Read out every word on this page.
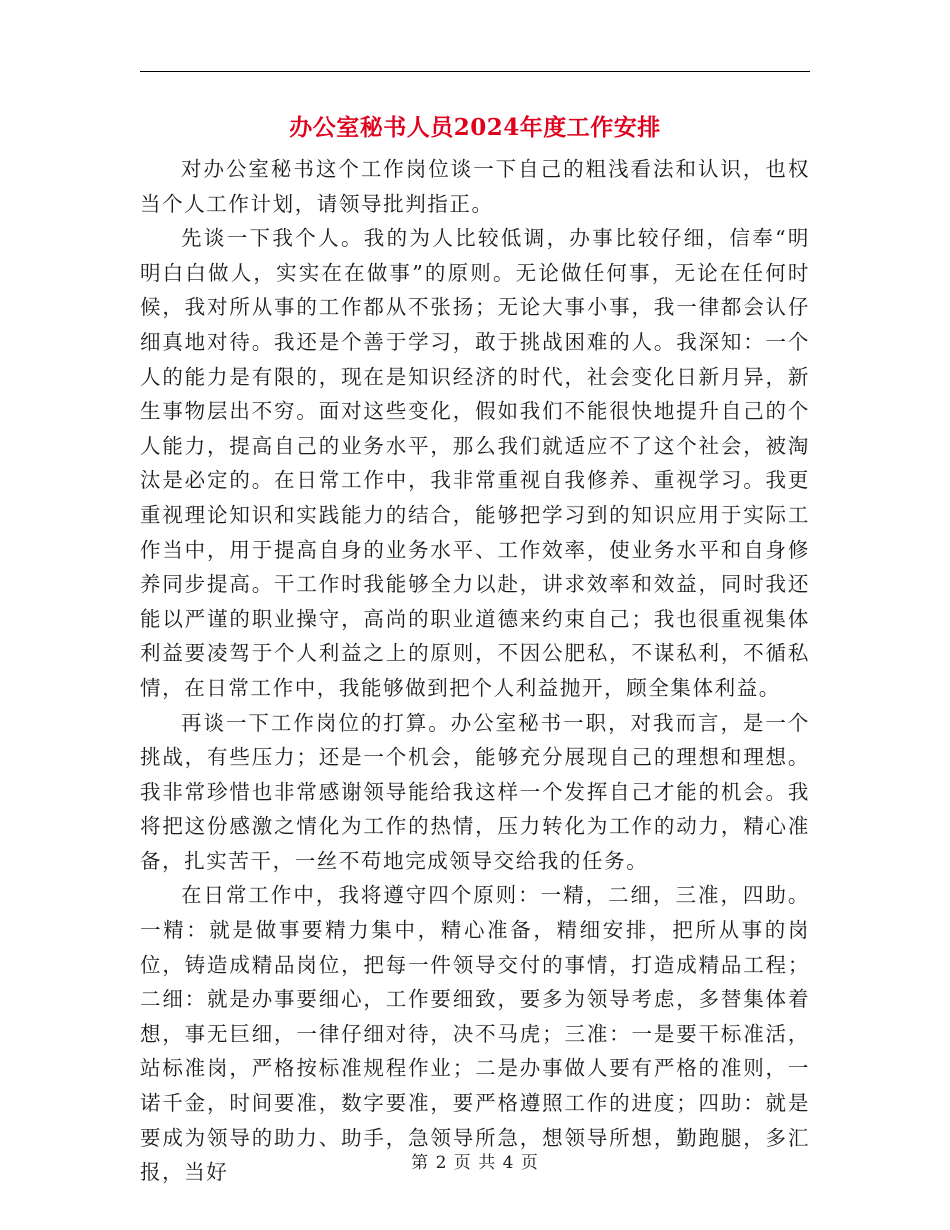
办公室秘书人员2024年度工作安排

对办公室秘书这个工作岗位谈一下自己的粗浅看法和认识，也权当个人工作计划，请领导批判指正。

先谈一下我个人。我的为人比较低调，办事比较仔细，信奉“明明白白做人，实实在在做事”的原则。无论做任何事，无论在任何时候，我对所从事的工作都从不张扬；无论大事小事，我一律都会认仔细真地对待。我还是个善于学习，敢于挑战困难的人。我深知：一个人的能力是有限的，现在是知识经济的时代，社会变化日新月异，新生事物层出不穷。面对这些变化，假如我们不能很快地提升自己的个人能力，提高自己的业务水平，那么我们就适应不了这个社会，被淘汰是必定的。在日常工作中，我非常重视自我修养、重视学习。我更重视理论知识和实践能力的结合，能够把学习到的知识应用于实际工作当中，用于提高自身的业务水平、工作效率，使业务水平和自身修养同步提高。干工作时我能够全力以赴，讲求效率和效益，同时我还能以严谨的职业操守，高尚的职业道德来约束自己；我也很重视集体利益要凌驾于个人利益之上的原则，不因公肥私，不谋私利，不循私情，在日常工作中，我能够做到把个人利益抛开，顾全集体利益。

再谈一下工作岗位的打算。办公室秘书一职，对我而言，是一个挑战，有些压力；还是一个机会，能够充分展现自己的理想和理想。我非常珍惜也非常感谢领导能给我这样一个发挥自己才能的机会。我将把这份感激之情化为工作的热情，压力转化为工作的动力，精心准备，扎实苦干，一丝不苟地完成领导交给我的任务。

在日常工作中，我将遵守四个原则：一精，二细，三准，四助。一精：就是做事要精力集中，精心准备，精细安排，把所从事的岗位，铸造成精品岗位，把每一件领导交付的事情，打造成精品工程；二细：就是办事要细心，工作要细致，要多为领导考虑，多替集体着想，事无巨细，一律仔细对待，决不马虎；三准：一是要干标准活，站标准岗，严格按标准规程作业；二是办事做人要有严格的准则，一诺千金，时间要准，数字要准，要严格遵照工作的进度；四助：就是要成为领导的助力、助手，急领导所急，想领导所想，勤跑腿，多汇报，当好	第 2 页 共 4 页
